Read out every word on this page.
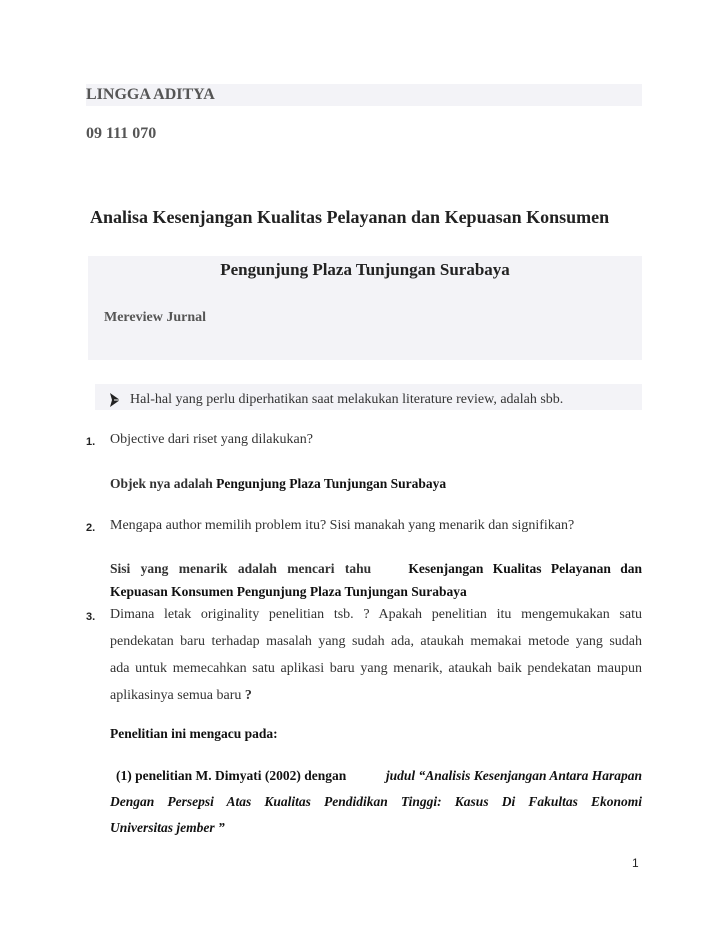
LINGGA ADITYA
09 111 070
Analisa Kesenjangan Kualitas Pelayanan dan Kepuasan Konsumen
Pengunjung Plaza Tunjungan Surabaya
Mereview Jurnal
Hal-hal yang perlu diperhatikan saat melakukan literature review, adalah sbb.
1. Objective dari riset yang dilakukan?
Objek nya adalah Pengunjung Plaza Tunjungan Surabaya
2. Mengapa author memilih problem itu? Sisi manakah yang menarik dan signifikan?
Sisi yang menarik adalah mencari tahu	Kesenjangan Kualitas Pelayanan dan
Kepuasan Konsumen Pengunjung Plaza Tunjungan Surabaya
3. Dimana letak originality penelitian tsb. ? Apakah penelitian itu mengemukakan satu
pendekatan baru terhadap masalah yang sudah ada, ataukah memakai metode yang sudah
ada untuk memecahkan satu aplikasi baru yang menarik, ataukah baik pendekatan maupun
aplikasinya semua baru ?
Penelitian ini mengacu pada:
(1) penelitian M. Dimyati (2002) dengan	judul “Analisis Kesenjangan Antara Harapan
Dengan Persepsi Atas Kualitas Pendidikan Tinggi: Kasus Di Fakultas Ekonomi
Universitas jember ”
1
